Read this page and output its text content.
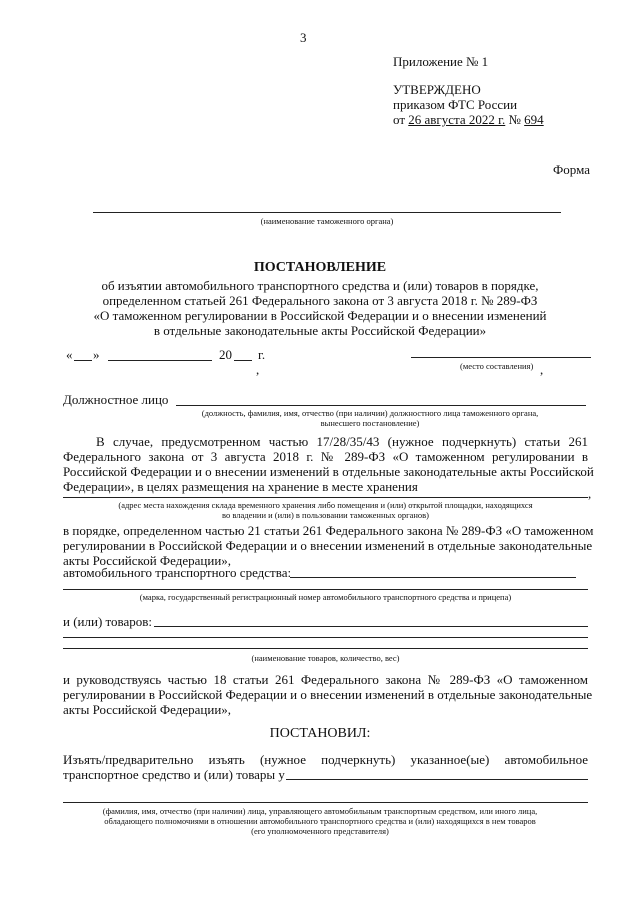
3
Приложение № 1
УТВЕРЖДЕНО
приказом ФТС России
от 26 августа 2022 г. № 694
Форма
(наименование таможенного органа)
ПОСТАНОВЛЕНИЕ
об изъятии автомобильного транспортного средства и (или) товаров в порядке,
определенном статьей 261 Федерального закона от 3 августа 2018 г. № 289-ФЗ
«О таможенном регулировании в Российской Федерации и о внесении изменений
в отдельные законодательные акты Российской Федерации»
« »	20 г.
,	(место составления) ,
Должностное лицо
(должность, фамилия, имя, отчество (при наличии) должностного лица таможенного органа,
вынесшего постановление)
В случае, предусмотренном частью 17/28/35/43 (нужное подчеркнуть) статьи 261
Федерального закона от 3 августа 2018 г. № 289-ФЗ «О таможенном регулировании в
Российской Федерации и о внесении изменений в отдельные законодательные акты Российской
Федерации», в целях размещения на хранение в месте хранения	,
(адрес места нахождения склада временного хранения либо помещения и (или) открытой площадки, находящихся
во владении и (или) в пользовании таможенных органов)
в порядке, определенном частью 21 статьи 261 Федерального закона № 289-ФЗ «О таможенном
регулировании в Российской Федерации и о внесении изменений в отдельные законодательные
акты Российской Федерации»,
автомобильного транспортного средства:
(марка, государственный регистрационный номер автомобильного транспортного средства и прицепа)
и (или) товаров:
(наименование товаров, количество, вес)
и руководствуясь частью 18 статьи 261 Федерального закона № 289-ФЗ «О таможенном
регулировании в Российской Федерации и о внесении изменений в отдельные законодательные
акты Российской Федерации»,
ПОСТАНОВИЛ:
Изъять/предварительно изъять (нужное подчеркнуть) указанное(ые) автомобильное
транспортное средство и (или) товары у
(фамилия, имя, отчество (при наличии) лица, управляющего автомобильным транспортным средством, или иного лица,
обладающего полномочиями в отношении автомобильного транспортного средства и (или) находящихся в нем товаров
(его уполномоченного представителя)
